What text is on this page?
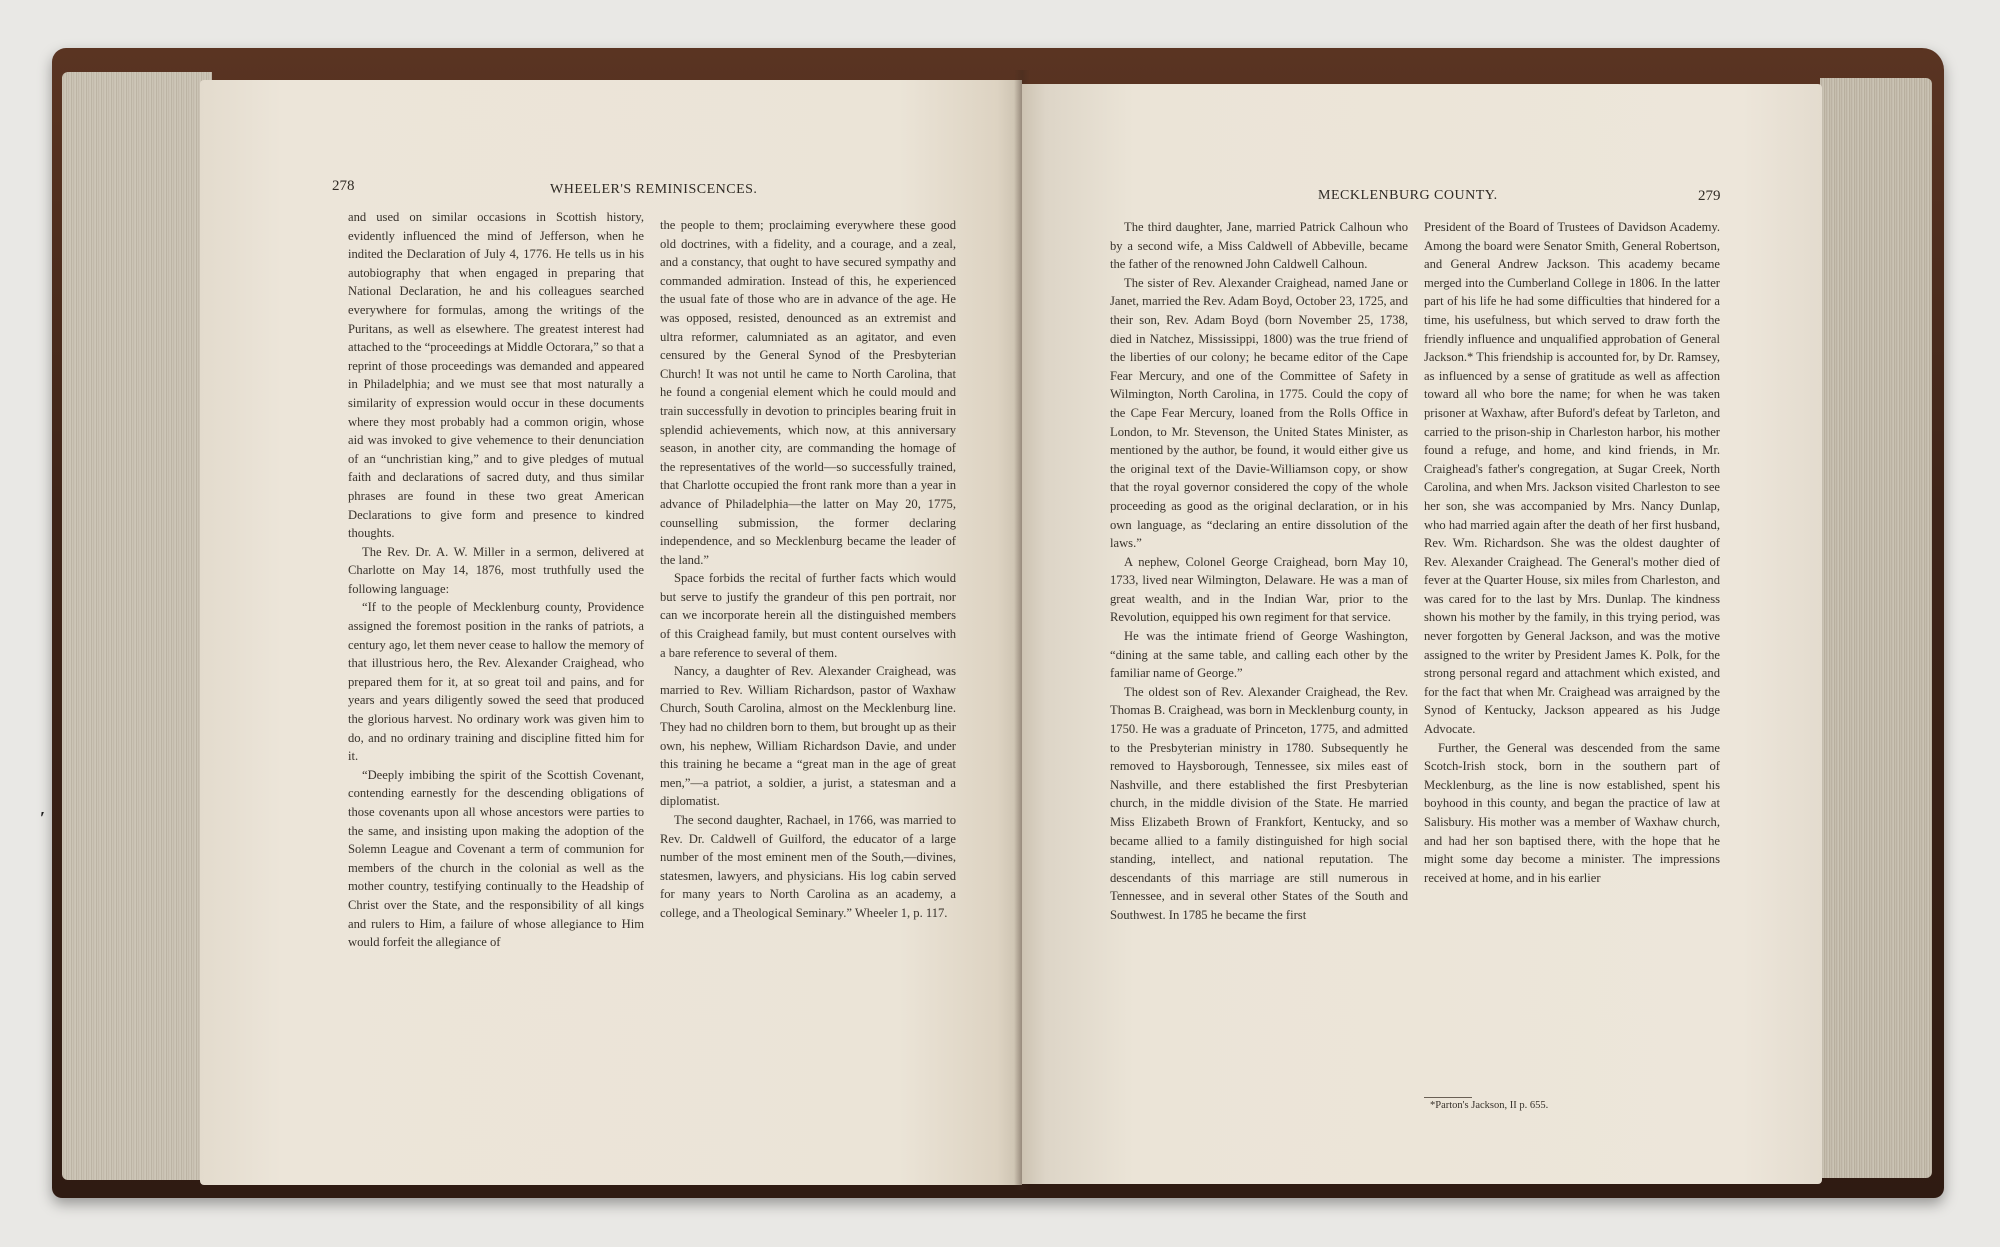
278	WHEELER'S REMINISCENCES.

and used on similar occasions in Scottish history, evidently influenced the mind of Jefferson, when he indited the Declaration of July 4, 1776. He tells us in his autobiography that when engaged in preparing that National Declaration, he and his colleagues searched everywhere for formulas, among the writings of the Puritans, as well as elsewhere. The greatest interest had attached to the “proceedings at Middle Octorara,” so that a reprint of those proceedings was demanded and appeared in Philadelphia; and we must see that most naturally a similarity of expression would occur in these documents where they most probably had a common origin, whose aid was invoked to give vehemence to their denunciation of an “unchristian king,” and to give pledges of mutual faith and declarations of sacred duty, and thus similar phrases are found in these two great American Declarations to give form and presence to kindred thoughts.

The Rev. Dr. A. W. Miller in a sermon, delivered at Charlotte on May 14, 1876, most truthfully used the following language:

“If to the people of Mecklenburg county, Providence assigned the foremost position in the ranks of patriots, a century ago, let them never cease to hallow the memory of that illustrious hero, the Rev. Alexander Craighead, who prepared them for it, at so great toil and pains, and for years and years diligently sowed the seed that produced the glorious harvest. No ordinary work was given him to do, and no ordinary training and discipline fitted him for it.

“Deeply imbibing the spirit of the Scottish Covenant, contending earnestly for the descending obligations of those covenants upon all whose ancestors were parties to the same, and insisting upon making the adoption of the Solemn League and Covenant a term of communion for members of the church in the colonial as well as the mother country, testifying continually to the Headship of Christ over the State, and the responsibility of all kings and rulers to Him, a failure of whose allegiance to Him would forfeit the allegiance of

the people to them; proclaiming everywhere these good old doctrines, with a fidelity, and a courage, and a zeal, and a constancy, that ought to have secured sympathy and commanded admiration. Instead of this, he experienced the usual fate of those who are in advance of the age. He was opposed, resisted, denounced as an extremist and ultra reformer, calumniated as an agitator, and even censured by the General Synod of the Presbyterian Church! It was not until he came to North Carolina, that he found a congenial element which he could mould and train successfully in devotion to principles bearing fruit in splendid achievements, which now, at this anniversary season, in another city, are commanding the homage of the representatives of the world—so successfully trained, that Charlotte occupied the front rank more than a year in advance of Philadelphia—the latter on May 20, 1775, counselling submission, the former declaring independence, and so Mecklenburg became the leader of the land.”

Space forbids the recital of further facts which would but serve to justify the grandeur of this pen portrait, nor can we incorporate herein all the distinguished members of this Craighead family, but must content ourselves with a bare reference to several of them.

Nancy, a daughter of Rev. Alexander Craighead, was married to Rev. William Richardson, pastor of Waxhaw Church, South Carolina, almost on the Mecklenburg line. They had no children born to them, but brought up as their own, his nephew, William Richardson Davie, and under this training he became a “great man in the age of great men,”—a patriot, a soldier, a jurist, a statesman and a diplomatist.

The second daughter, Rachael, in 1766, was married to Rev. Dr. Caldwell of Guilford, the educator of a large number of the most eminent men of the South,—divines, statesmen, lawyers, and physicians. His log cabin served for many years to North Carolina as an academy, a college, and a Theological Seminary.” Wheeler 1, p. 117.

MECKLENBURG COUNTY.	279

The third daughter, Jane, married Patrick Calhoun who by a second wife, a Miss Caldwell of Abbeville, became the father of the renowned John Caldwell Calhoun.

The sister of Rev. Alexander Craighead, named Jane or Janet, married the Rev. Adam Boyd, October 23, 1725, and their son, Rev. Adam Boyd (born November 25, 1738, died in Natchez, Mississippi, 1800) was the true friend of the liberties of our colony; he became editor of the Cape Fear Mercury, and one of the Committee of Safety in Wilmington, North Carolina, in 1775. Could the copy of the Cape Fear Mercury, loaned from the Rolls Office in London, to Mr. Stevenson, the United States Minister, as mentioned by the author, be found, it would either give us the original text of the Davie-Williamson copy, or show that the royal governor considered the copy of the whole proceeding as good as the original declaration, or in his own language, as “declaring an entire dissolution of the laws.”

A nephew, Colonel George Craighead, born May 10, 1733, lived near Wilmington, Delaware. He was a man of great wealth, and in the Indian War, prior to the Revolution, equipped his own regiment for that service.

He was the intimate friend of George Washington, “dining at the same table, and calling each other by the familiar name of George.”

The oldest son of Rev. Alexander Craighead, the Rev. Thomas B. Craighead, was born in Mecklenburg county, in 1750. He was a graduate of Princeton, 1775, and admitted to the Presbyterian ministry in 1780. Subsequently he removed to Haysborough, Tennessee, six miles east of Nashville, and there established the first Presbyterian church, in the middle division of the State. He married Miss Elizabeth Brown of Frankfort, Kentucky, and so became allied to a family distinguished for high social standing, intellect, and national reputation. The descendants of this marriage are still numerous in Tennessee, and in several other States of the South and Southwest. In 1785 he became the first

President of the Board of Trustees of Davidson Academy. Among the board were Senator Smith, General Robertson, and General Andrew Jackson. This academy became merged into the Cumberland College in 1806. In the latter part of his life he had some difficulties that hindered for a time, his usefulness, but which served to draw forth the friendly influence and unqualified approbation of General Jackson.* This friendship is accounted for, by Dr. Ramsey, as influenced by a sense of gratitude as well as affection toward all who bore the name; for when he was taken prisoner at Waxhaw, after Buford's defeat by Tarleton, and carried to the prison-ship in Charleston harbor, his mother found a refuge, and home, and kind friends, in Mr. Craighead's father's congregation, at Sugar Creek, North Carolina, and when Mrs. Jackson visited Charleston to see her son, she was accompanied by Mrs. Nancy Dunlap, who had married again after the death of her first husband, Rev. Wm. Richardson. She was the oldest daughter of Rev. Alexander Craighead. The General's mother died of fever at the Quarter House, six miles from Charleston, and was cared for to the last by Mrs. Dunlap. The kindness shown his mother by the family, in this trying period, was never forgotten by General Jackson, and was the motive assigned to the writer by President James K. Polk, for the strong personal regard and attachment which existed, and for the fact that when Mr. Craighead was arraigned by the Synod of Kentucky, Jackson appeared as his Judge Advocate.

Further, the General was descended from the same Scotch-Irish stock, born in the southern part of Mecklenburg, as the line is now established, spent his boyhood in this county, and began the practice of law at Salisbury. His mother was a member of Waxhaw church, and had her son baptised there, with the hope that he might some day become a minister. The impressions received at home, and in his earlier

*Parton's Jackson, II p. 655.
′
